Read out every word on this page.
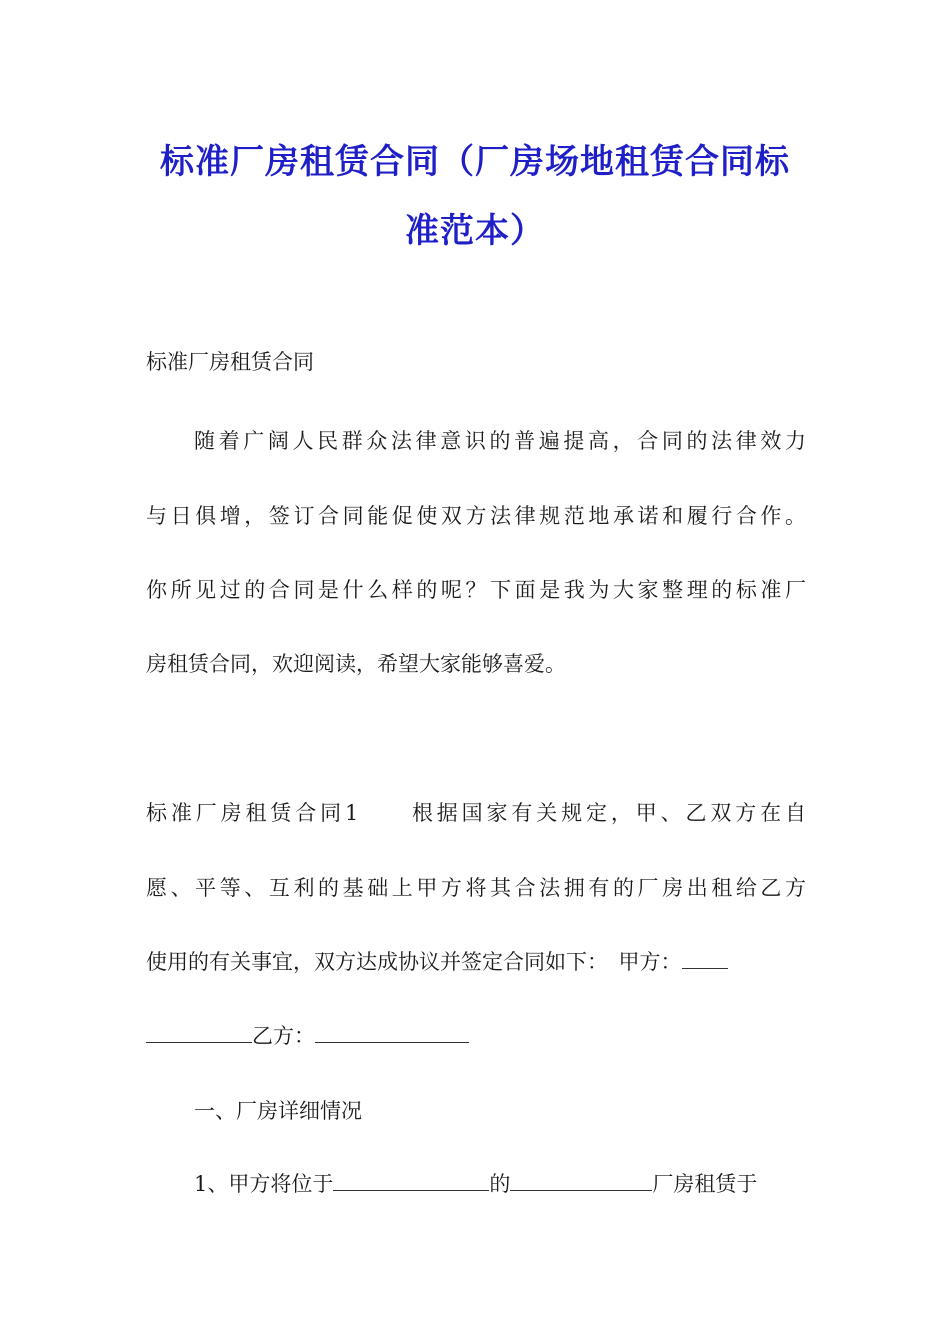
标准厂房租赁合同（厂房场地租赁合同标
准范本）

标准厂房租赁合同

随着广阔人民群众法律意识的普遍提高，合同的法律效力

与日俱增，签订合同能促使双方法律规范地承诺和履行合作。

你所见过的合同是什么样的呢？下面是我为大家整理的标准厂

房租赁合同，欢迎阅读，希望大家能够喜爱。

标准厂房租赁合同1　　根据国家有关规定，甲、乙双方在自

愿、平等、互利的基础上甲方将其合法拥有的厂房出租给乙方

使用的有关事宜，双方达成协议并签定合同如下：　甲方：

乙方：

一、厂房详细情况

1、甲方将位于	的	厂房租赁于
